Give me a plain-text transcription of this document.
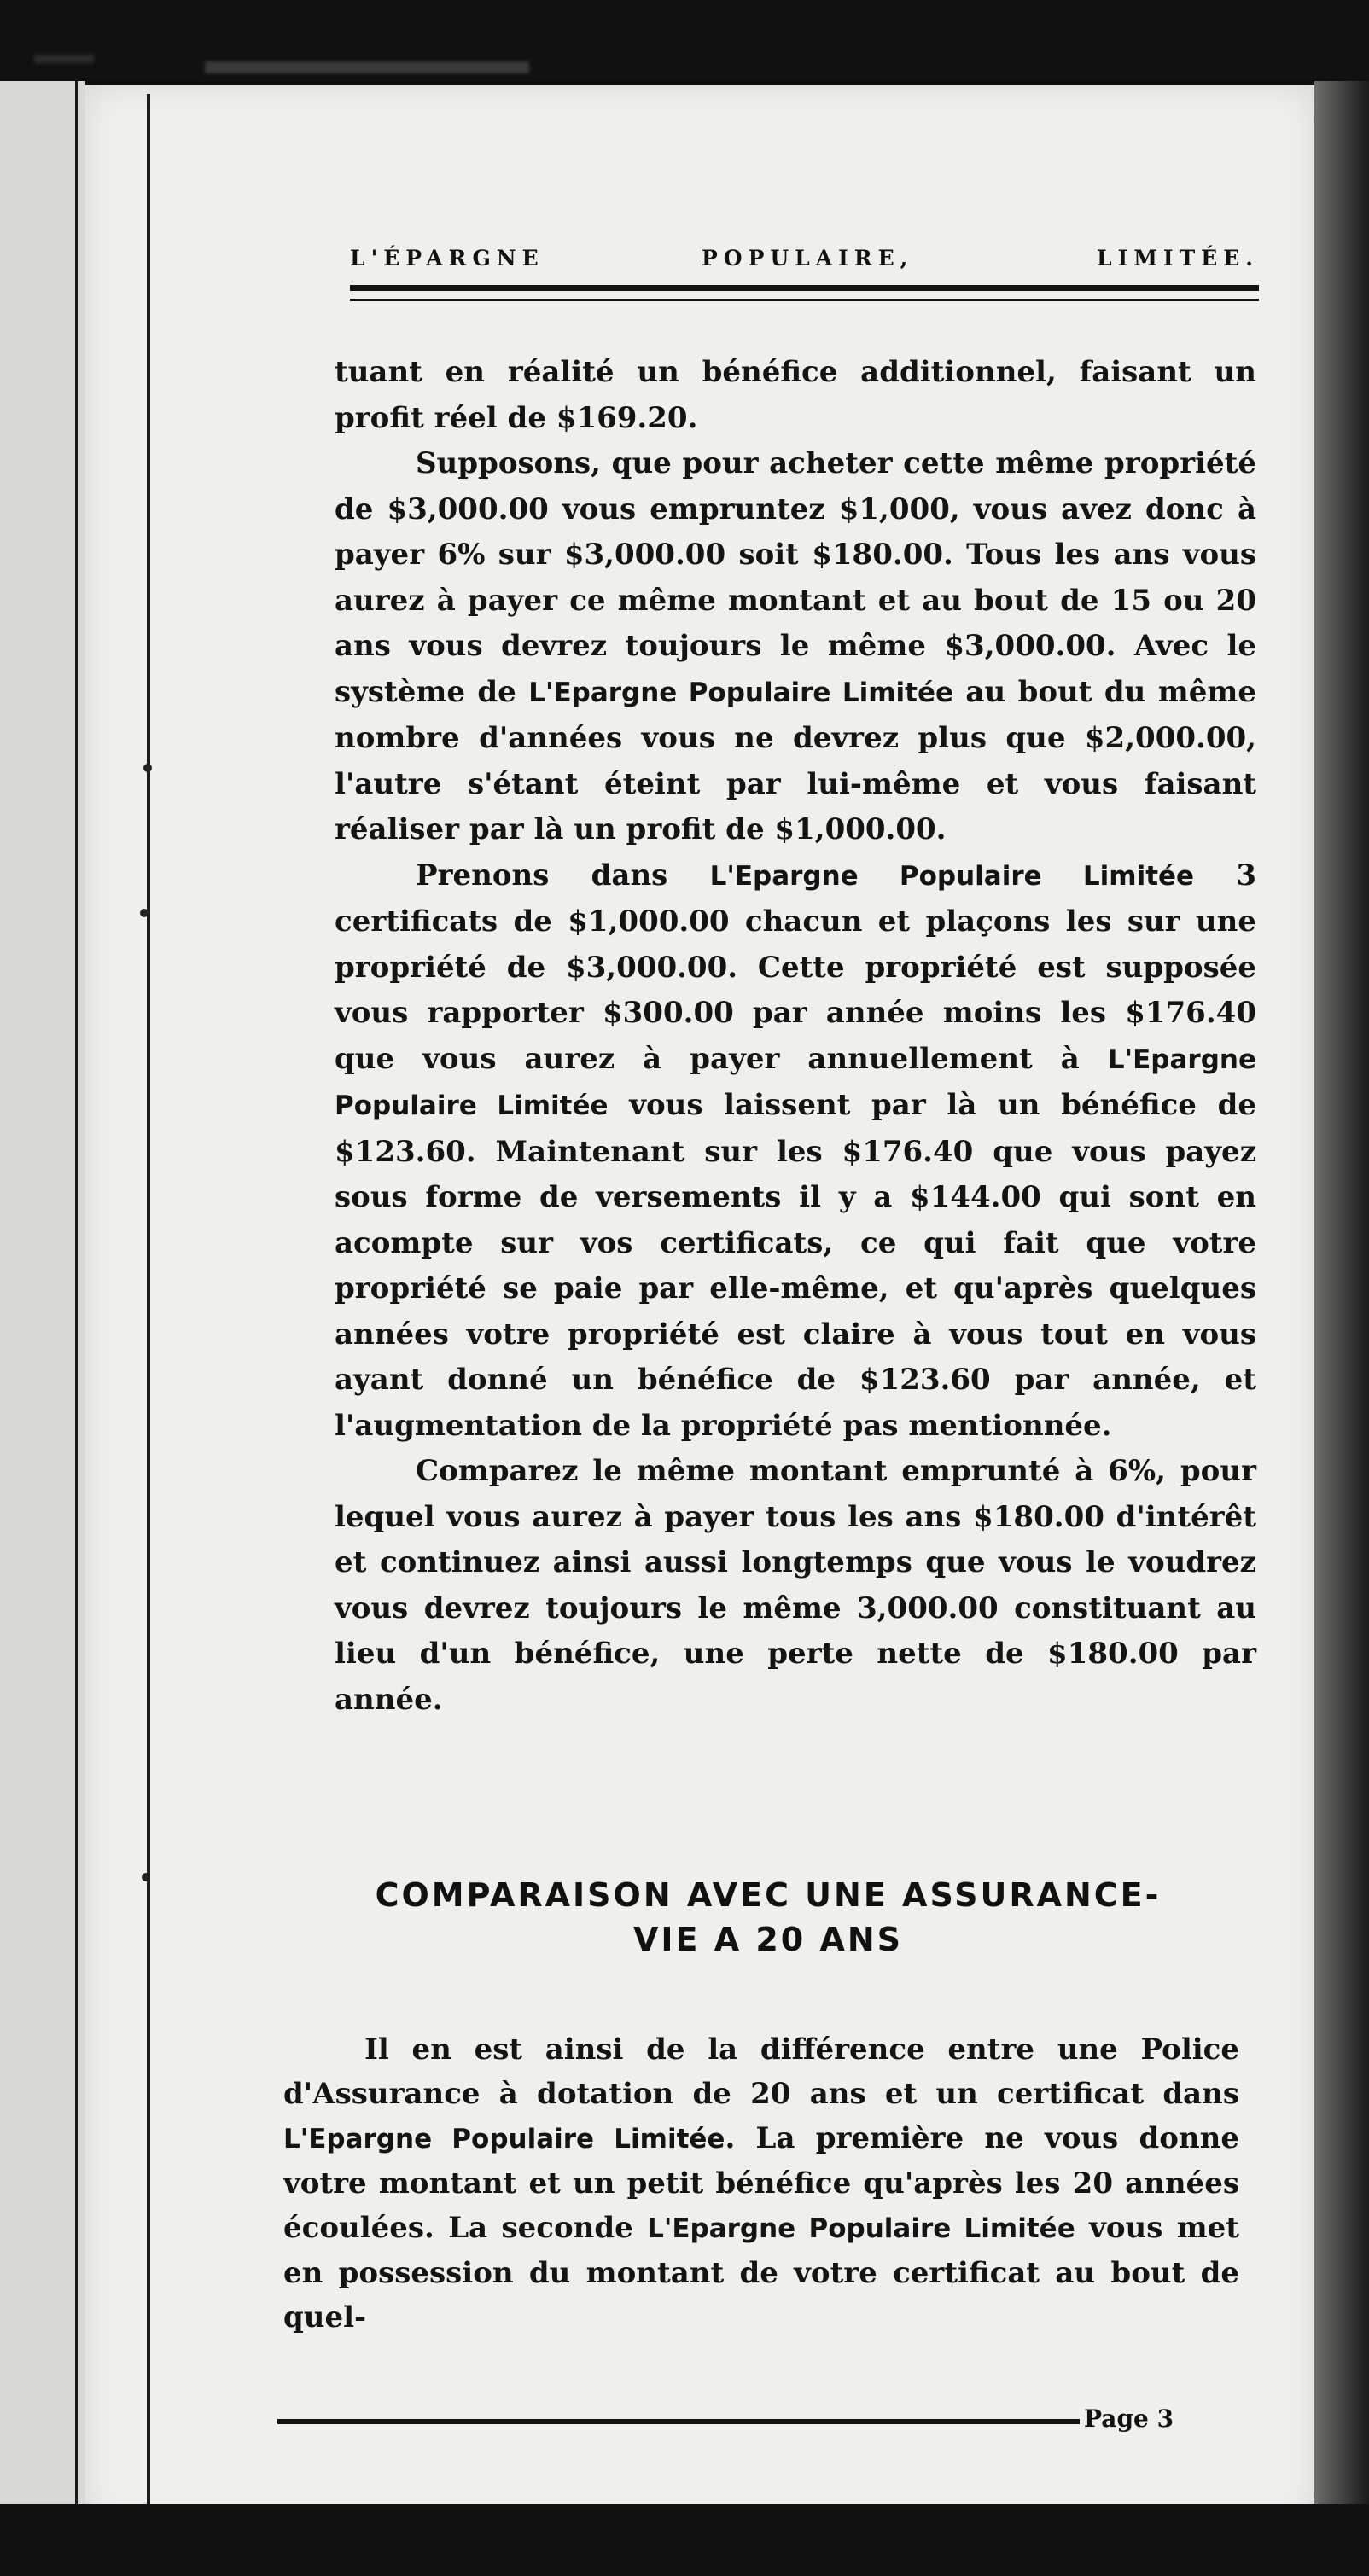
L'ÉPARGNE	POPULAIRE,	LIMITÉE.

tuant en réalité un bénéfice additionnel, faisant un profit réel de $169.20.

Supposons, que pour acheter cette même propriété de $3,000.00 vous empruntez $1,000, vous avez donc à payer 6% sur $3,000.00 soit $180.00. Tous les ans vous aurez à payer ce même montant et au bout de 15 ou 20 ans vous devrez toujours le même $3,000.00. Avec le système de L'Epargne Populaire Limitée au bout du même nombre d'années vous ne devrez plus que $2,000.00, l'autre s'étant éteint par lui-même et vous faisant réaliser par là un profit de $1,000.00.

Prenons dans L'Epargne Populaire Limitée 3 certificats de $1,000.00 chacun et plaçons les sur une propriété de $3,000.00. Cette propriété est supposée vous rapporter $300.00 par année moins les $176.40 que vous aurez à payer annuellement à L'Epargne Populaire Limitée vous laissent par là un bénéfice de $123.60. Maintenant sur les $176.40 que vous payez sous forme de versements il y a $144.00 qui sont en acompte sur vos certificats, ce qui fait que votre propriété se paie par elle-même, et qu'après quelques années votre propriété est claire à vous tout en vous ayant donné un bénéfice de $123.60 par année, et l'augmentation de la propriété pas mentionnée.

Comparez le même montant emprunté à 6%, pour lequel vous aurez à payer tous les ans $180.00 d'intérêt et continuez ainsi aussi longtemps que vous le voudrez vous devrez toujours le même 3,000.00 constituant au lieu d'un bénéfice, une perte nette de $180.00 par année.

COMPARAISON AVEC UNE ASSURANCE-
VIE A 20 ANS

Il en est ainsi de la différence entre une Police d'Assurance à dotation de 20 ans et un certificat dans L'Epargne Populaire Limitée. La première ne vous donne votre montant et un petit bénéfice qu'après les 20 années écoulées. La seconde L'Epargne Populaire Limitée vous met en possession du montant de votre certificat au bout de quel-

Page 3
